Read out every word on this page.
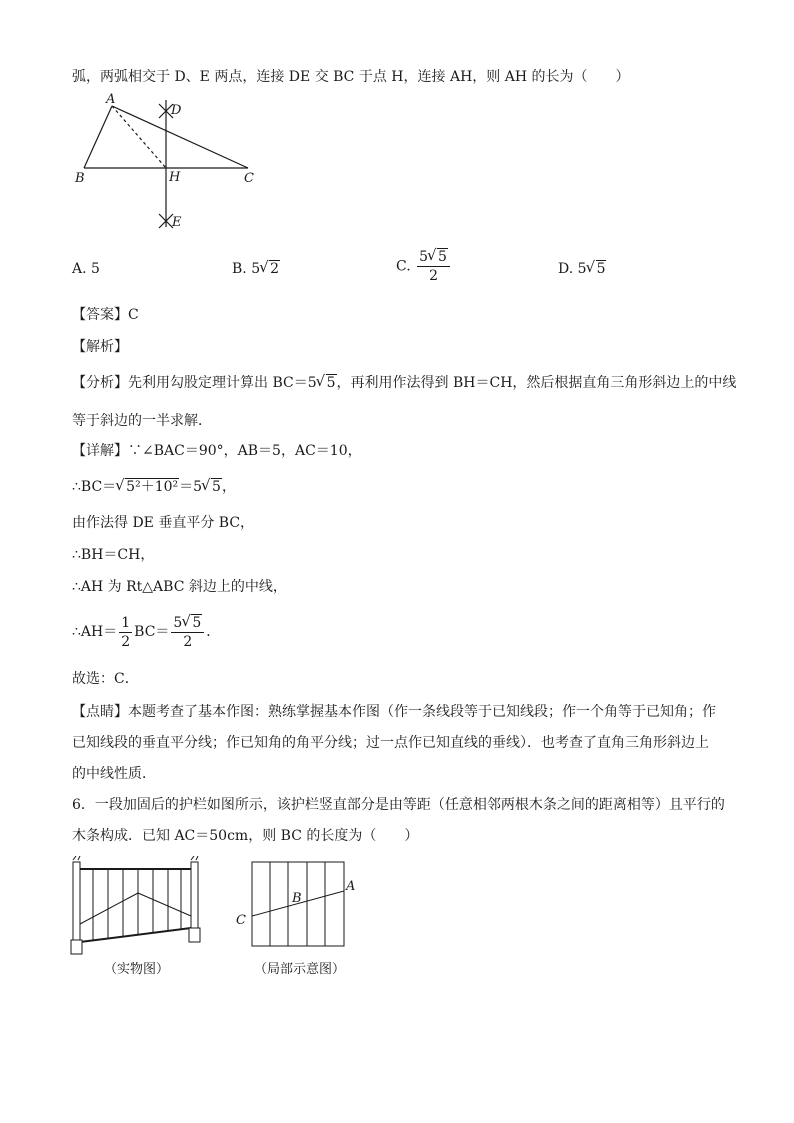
弧，两弧相交于 D、E 两点，连接 DE 交 BC 于点 H，连接 AH，则 AH 的长为（　　）
A
B	C
D
E
H
A. 5	B. 5 √ 2	C. $\frac{5 √ 5}{2}$	D. 5 √ 5
【答案】C
【解析】
【分析】先利用勾股定理计算出 BC＝5 √ 5，再利用作法得到 BH＝CH，然后根据直角三角形斜边上的中线
等于斜边的一半求解．
【详解】∵∠BAC＝90°，AB＝5，AC＝10，
∴BC＝ √ 5²＋10²＝5 √ 5，
由作法得 DE 垂直平分 BC，
∴BH＝CH，
∴AH 为 Rt△ABC 斜边上的中线，
∴AH＝ $\frac{1}{2} BC= \frac{5 √ 5}{2}$ ．
故选：C．
【点睛】本题考查了基本作图：熟练掌握基本作图（作一条线段等于已知线段；作一个角等于已知角；作
已知线段的垂直平分线；作已知角的角平分线；过一点作已知直线的垂线）．也考查了直角三角形斜边上
的中线性质．
6．一段加固后的护栏如图所示，该护栏竖直部分是由等距（任意相邻两根木条之间的距离相等）且平行的
木条构成．已知 AC＝50cm，则 BC 的长度为（　　）
（实物图）
A
B
C
（局部示意图）
